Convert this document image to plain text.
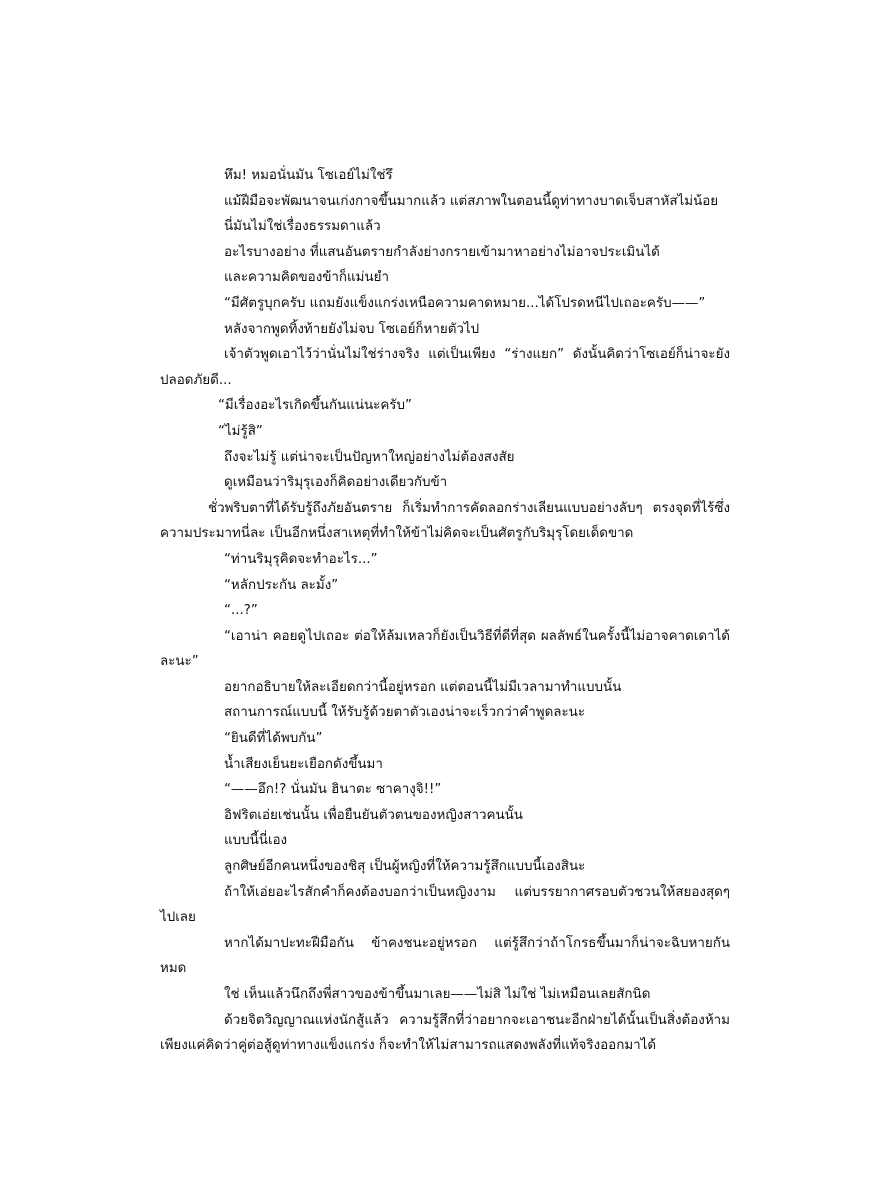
หึม! หมอนั่นมัน โซเอย์ไม่ใช่รึ

แม้ฝีมือจะพัฒนาจนเก่งกาจขึ้นมากแล้ว แต่สภาพในตอนนี้ดูท่าทางบาดเจ็บสาหัสไม่น้อย

นี่มันไม่ใช่เรื่องธรรมดาแล้ว

อะไรบางอย่าง ที่แสนอันตรายกำลังย่างกรายเข้ามาหาอย่างไม่อาจประเมินได้

และความคิดของข้าก็แม่นยำ

“มีศัตรูบุกครับ แถมยังแข็งแกร่งเหนือความคาดหมาย...ได้โปรดหนีไปเถอะครับ——”

หลังจากพูดทิ้งท้ายยังไม่จบ โซเอย์ก็หายตัวไป

เจ้าตัวพูดเอาไว้ว่านั่นไม่ใช่ร่างจริง แต่เป็นเพียง “ร่างแยก” ดังนั้นคิดว่าโซเอย์ก็น่าจะยังปลอดภัยดี...

“มีเรื่องอะไรเกิดขึ้นกันแน่นะครับ”

“ไม่รู้สิ”

ถึงจะไม่รู้ แต่น่าจะเป็นปัญหาใหญ่อย่างไม่ต้องสงสัย

ดูเหมือนว่าริมุรุเองก็คิดอย่างเดียวกับข้า

ชั่วพริบตาที่ได้รับรู้ถึงภัยอันตราย ก็เริ่มทำการคัดลอกร่างเลียนแบบอย่างลับๆ ตรงจุดที่ไร้ซึ่งความประมาทนี่ละ เป็นอีกหนึ่งสาเหตุที่ทำให้ข้าไม่คิดจะเป็นศัตรูกับริมุรุโดยเด็ดขาด

“ท่านริมุรุคิดจะทำอะไร...”

“หลักประกัน ละมั้ง”

“...?”

“เอาน่า คอยดูไปเถอะ ต่อให้ล้มเหลวก็ยังเป็นวิธีที่ดีที่สุด ผลลัพธ์ในครั้งนี้ไม่อาจคาดเดาได้ละนะ”

อยากอธิบายให้ละเอียดกว่านี้อยู่หรอก แต่ตอนนี้ไม่มีเวลามาทำแบบนั้น

สถานการณ์แบบนี้ ให้รับรู้ด้วยตาตัวเองน่าจะเร็วกว่าคำพูดละนะ

“ยินดีที่ได้พบกัน”

น้ำเสียงเย็นยะเยือกดังขึ้นมา

“——อึก!? นั่นมัน ฮินาตะ ซาคางุจิ!!”

อิฟริตเอ่ยเช่นนั้น เพื่อยืนยันตัวตนของหญิงสาวคนนั้น

แบบนี้นี่เอง

ลูกศิษย์อีกคนหนึ่งของชิสุ เป็นผู้หญิงที่ให้ความรู้สึกแบบนี้เองสินะ

ถ้าให้เอ่ยอะไรสักคำก็คงต้องบอกว่าเป็นหญิงงาม แต่บรรยากาศรอบตัวชวนให้สยองสุดๆไปเลย

หากได้มาปะทะฝีมือกัน ข้าคงชนะอยู่หรอก แต่รู้สึกว่าถ้าโกรธขึ้นมาก็น่าจะฉิบหายกันหมด

ใช่ เห็นแล้วนึกถึงพี่สาวของข้าขึ้นมาเลย——ไม่สิ ไม่ใช่ ไม่เหมือนเลยสักนิด

ด้วยจิตวิญญาณแห่งนักสู้แล้ว ความรู้สึกที่ว่าอยากจะเอาชนะอีกฝ่ายได้นั้นเป็นสิ่งต้องห้าม เพียงแค่คิดว่าคู่ต่อสู้ดูท่าทางแข็งแกร่ง ก็จะทำให้ไม่สามารถแสดงพลังที่แท้จริงออกมาได้
